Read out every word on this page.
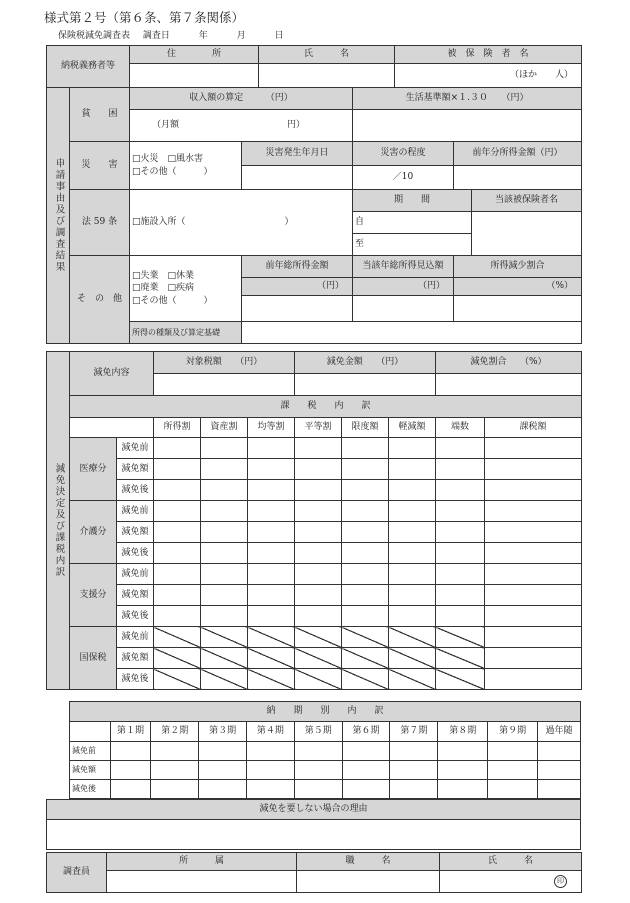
様式第２号（第６条、第７条関係）
保険税減免調査表 調査日	年	月	日
納税義務者等		住　　　　所		氏　　　名		被　保　険　者　名		
						（ほか　　人）		
申請事由及び調査結果	貧　　困	収入額の算定　　　（円）			生活基準額×１.３０　　（円）			
		（月額　　　　　　　　　　　　円）						
	災　　害	□火災　□風水害
□その他（　　　）	災害発生年月日		災害の程度		前年分所得金額（円）	
					／10			
	法 59 条	□施設入所（　　　　　　　　　　　）			期　　間			当該被保険者名
					自			
					至			
	そ　の　他	□失業　□休業
□廃業　□疾病
□その他（　　　）	前年総所得金額		当該年総所得見込額		所得減少割合	
			（円）		（円）		（%）	

		所得の種類及び算定基礎						
減免決定及び課税内訳	減免内容		対象税額　　（円）			減免金額　　（円）			減免割合　　（%）	

	課　　税　　内　　訳									
			所得割	資産割	均等割	平等割	限度額	軽減額	端数	課税額
	医療分	減免前								
		減免額								
		減免後								
	介護分	減免前								
		減免額								
		減免後								
	支援分	減免前								
		減免額								
		減免後								
	国保税	減免前								
		減免額								
		減免後								
納　　期　　別　　内　　訳										
	第１期	第２期	第３期	第４期	第５期	第６期	第７期	第８期	第９期	過年随
減免前										
減免額										
減免後										
減免を要しない場合の理由

調査員	所　　　属	職　　　名	氏　　　名
			印
